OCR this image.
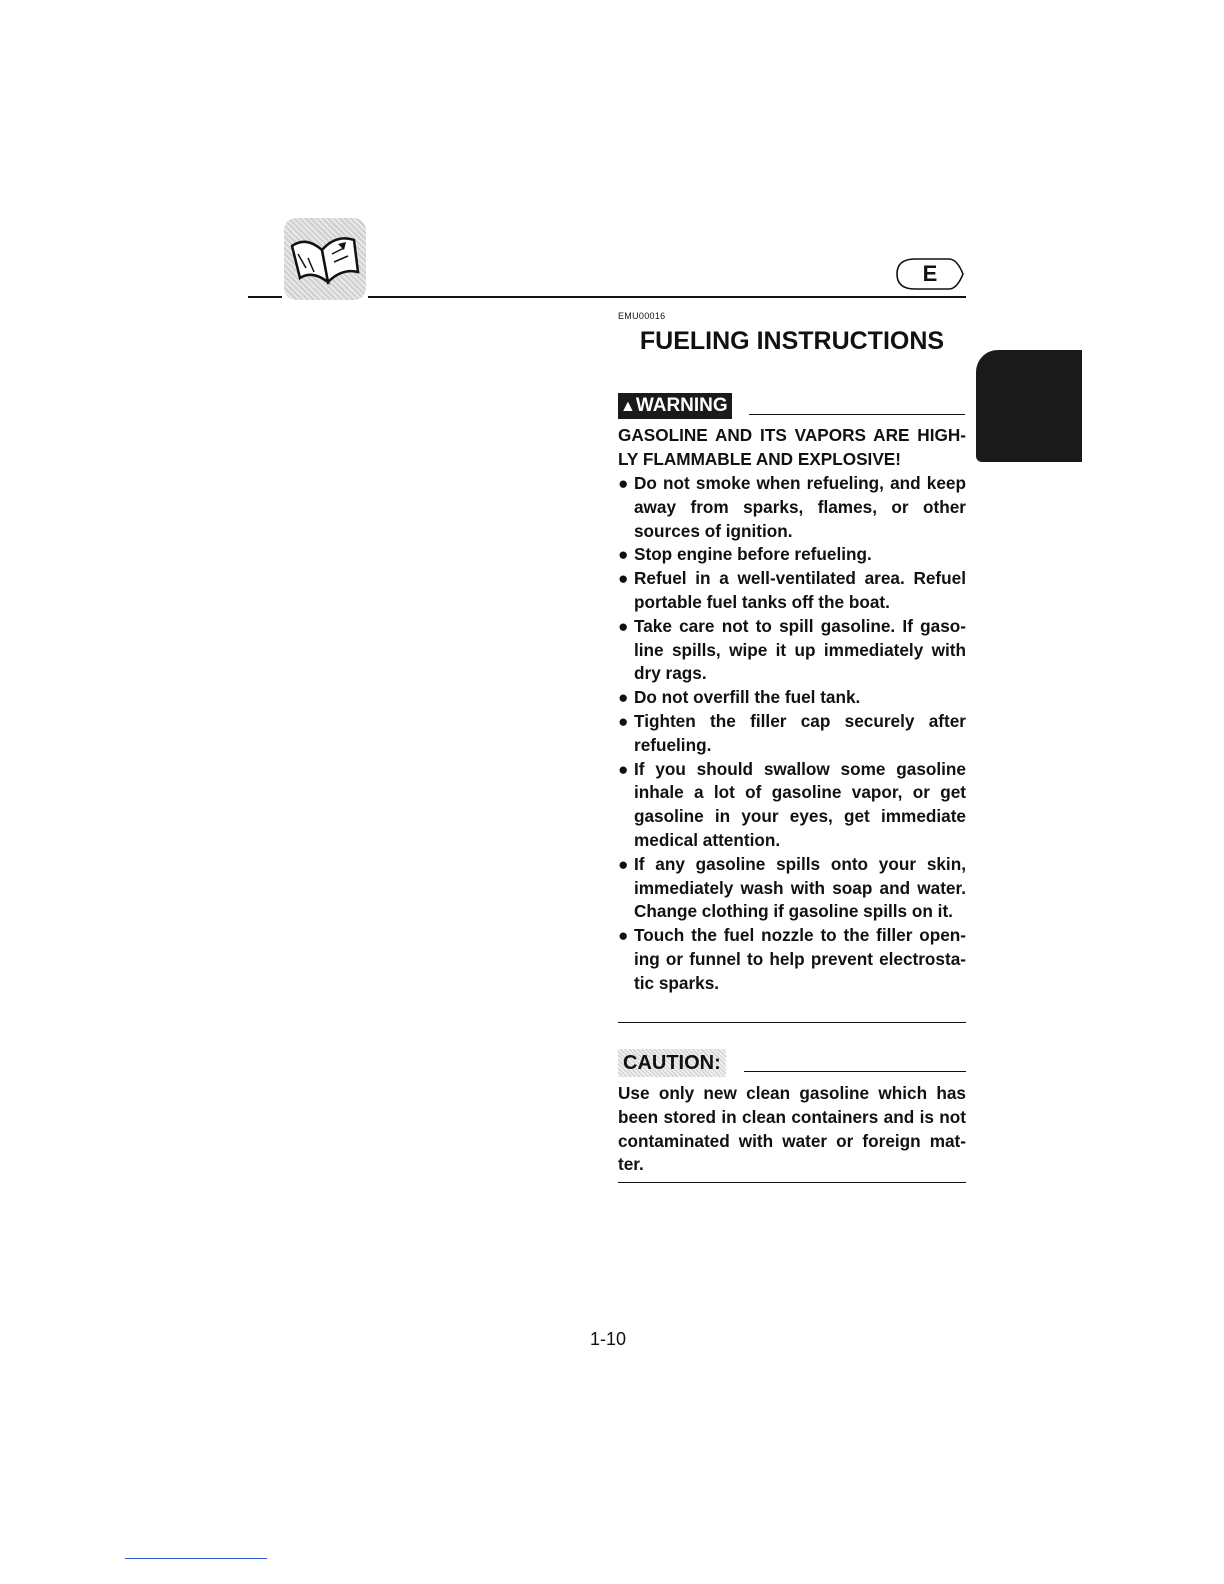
E
EMU00016
FUELING INSTRUCTIONS
▲WARNING

GASOLINE AND ITS VAPORS ARE HIGH-LY FLAMMABLE AND EXPLOSIVE!

● Do not smoke when refueling, and keep away from sparks, flames, or other sources of ignition.
● Stop engine before refueling.
● Refuel in a well-ventilated area. Refuel portable fuel tanks off the boat.
● Take care not to spill gasoline. If gaso-line spills, wipe it up immediately with dry rags.
● Do not overfill the fuel tank.
● Tighten the filler cap securely after refueling.
● If you should swallow some gasoline inhale a lot of gasoline vapor, or get gasoline in your eyes, get immediate medical attention.
● If any gasoline spills onto your skin, immediately wash with soap and water. Change clothing if gasoline spills on it.
● Touch the fuel nozzle to the filler open-ing or funnel to help prevent electrosta-tic sparks.
CAUTION:

Use only new clean gasoline which has been stored in clean containers and is not contaminated with water or foreign mat-ter.

1-10
